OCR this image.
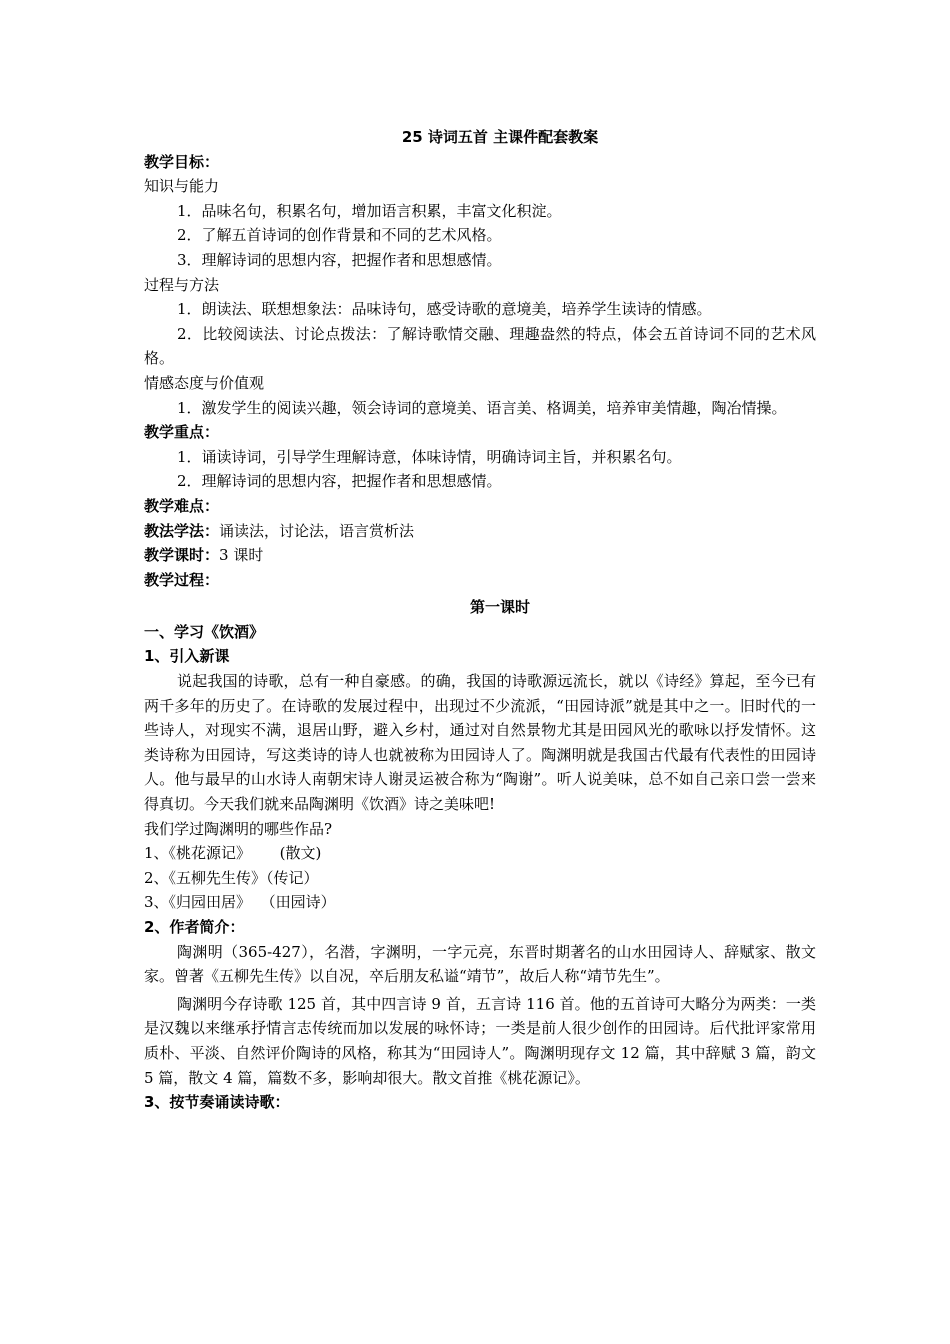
25 诗词五首 主课件配套教案
教学目标：
知识与能力
1．品味名句，积累名句，增加语言积累，丰富文化积淀。
2．了解五首诗词的创作背景和不同的艺术风格。
3．理解诗词的思想内容，把握作者和思想感情。
过程与方法
1．朗读法、联想想象法：品味诗句，感受诗歌的意境美，培养学生读诗的情感。
2．比较阅读法、讨论点拨法：了解诗歌情交融、理趣盎然的特点，体会五首诗词不同的艺术风格。
情感态度与价值观
1．激发学生的阅读兴趣，领会诗词的意境美、语言美、格调美，培养审美情趣，陶冶情操。
教学重点：
1．诵读诗词，引导学生理解诗意，体味诗情，明确诗词主旨，并积累名句。
2．理解诗词的思想内容，把握作者和思想感情。
教学难点：
教法学法：诵读法，讨论法，语言赏析法
教学课时：3 课时
教学过程：
第一课时
一、学习《饮酒》
1、引入新课
说起我国的诗歌，总有一种自豪感。的确，我国的诗歌源远流长，就以《诗经》算起，至今已有两千多年的历史了。在诗歌的发展过程中，出现过不少流派，“田园诗派”就是其中之一。旧时代的一些诗人，对现实不满，退居山野，避入乡村，通过对自然景物尤其是田园风光的歌咏以抒发情怀。这类诗称为田园诗，写这类诗的诗人也就被称为田园诗人了。陶渊明就是我国古代最有代表性的田园诗人。他与最早的山水诗人南朝宋诗人谢灵运被合称为“陶谢”。听人说美味，总不如自己亲口尝一尝来得真切。今天我们就来品陶渊明《饮酒》诗之美味吧!
我们学过陶渊明的哪些作品?
1、《桃花源记》      (散文)
2、《五柳先生传》（传记）
3、《归园田居》  （田园诗）
2、作者简介：
陶渊明（365-427），名潜，字渊明，一字元亮，东晋时期著名的山水田园诗人、辞赋家、散文家。曾著《五柳先生传》以自况，卒后朋友私谥“靖节”，故后人称“靖节先生”。
陶渊明今存诗歌 125 首，其中四言诗 9 首，五言诗 116 首。他的五首诗可大略分为两类：一类是汉魏以来继承抒情言志传统而加以发展的咏怀诗；一类是前人很少创作的田园诗。后代批评家常用质朴、平淡、自然评价陶诗的风格，称其为“田园诗人”。陶渊明现存文 12 篇，其中辞赋 3 篇，韵文 5 篇，散文 4 篇，篇数不多，影响却很大。散文首推《桃花源记》。
3、按节奏诵读诗歌：
